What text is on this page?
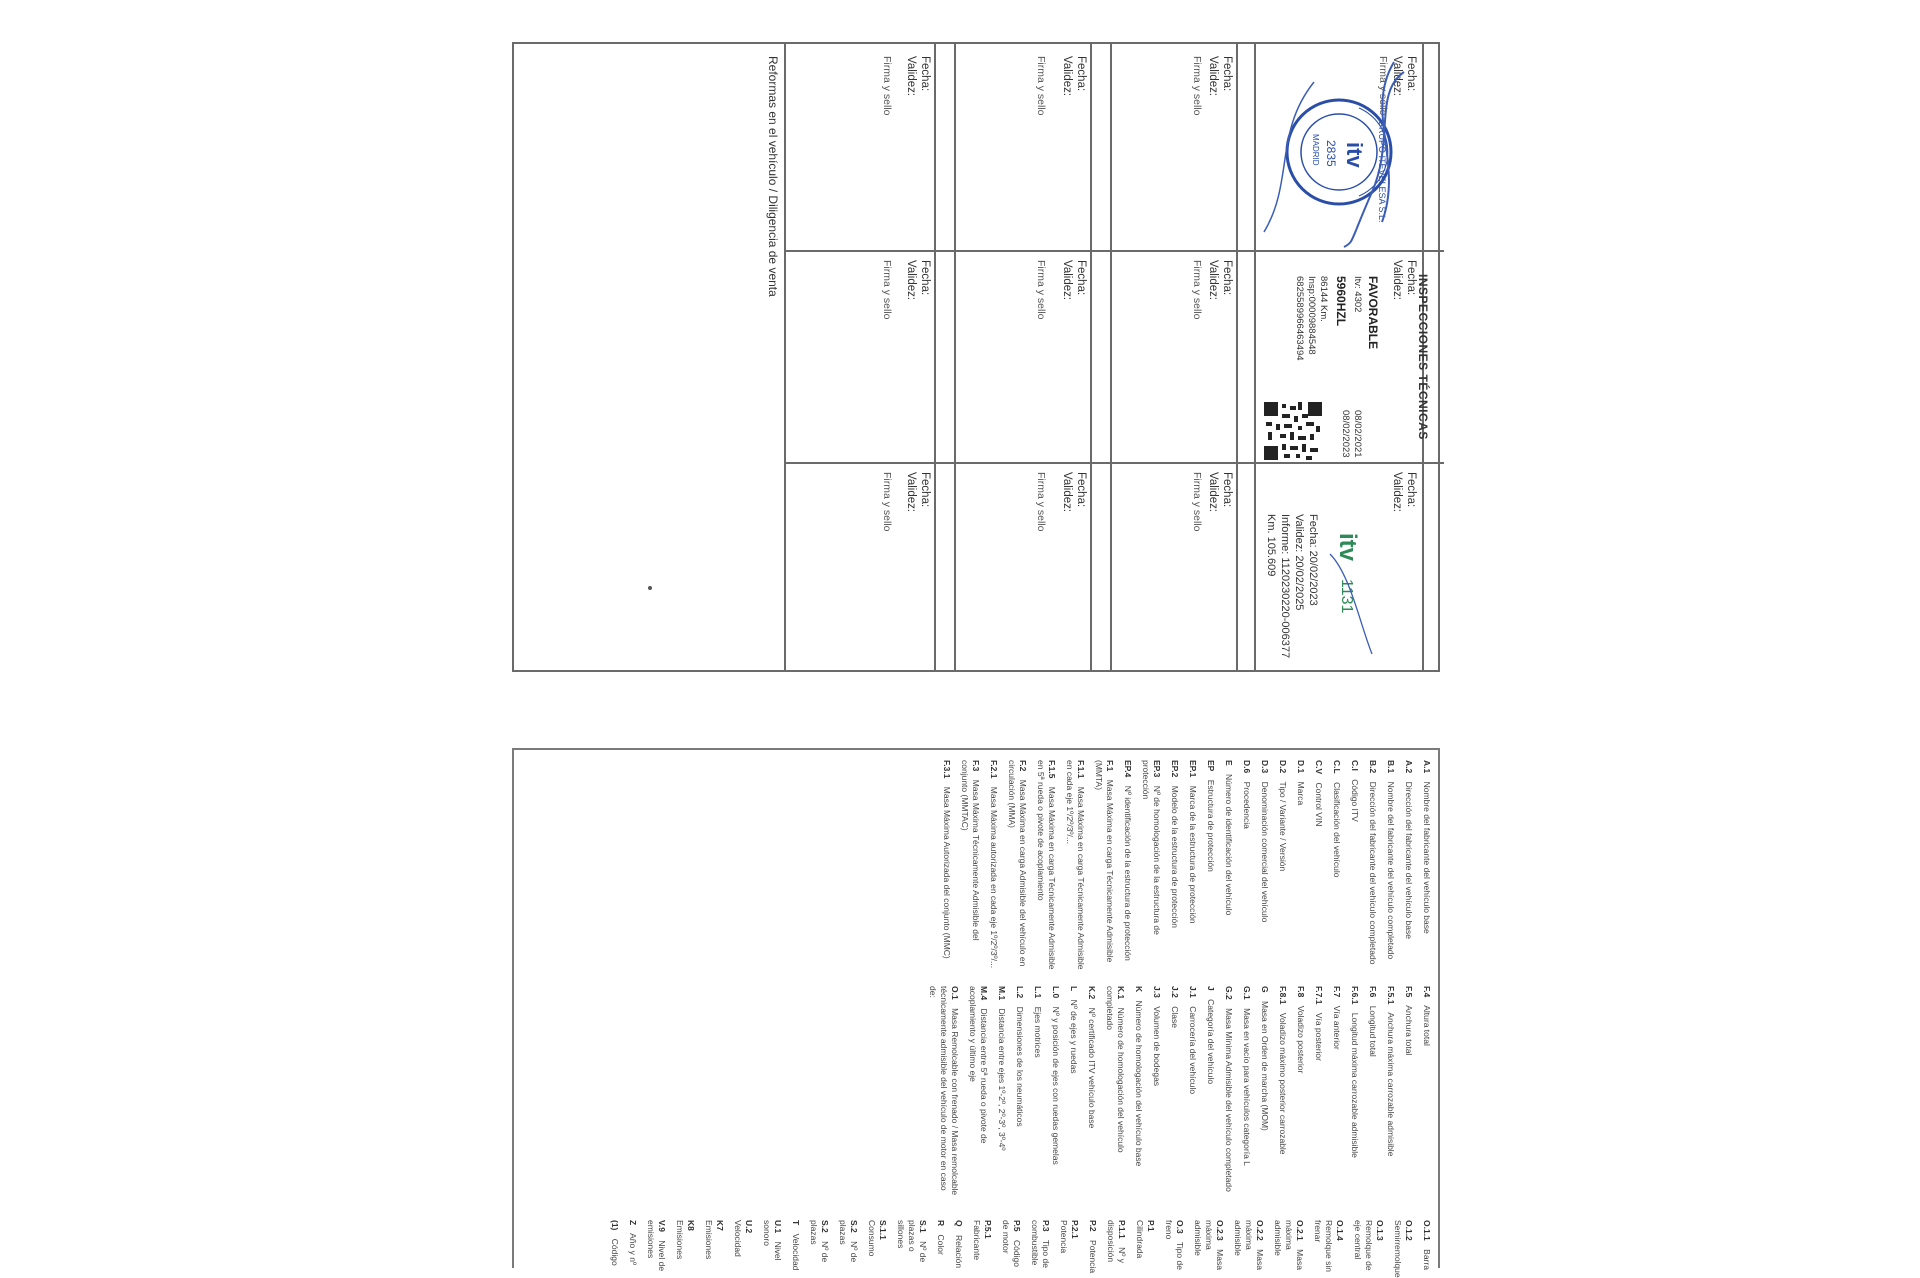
INSPECCIONES TÉCNICAS
Fecha:
Validez:
Firma y sello
Fecha:
Validez:
Fecha:
Validez:
Fecha:
Validez:
Firma y sello
Fecha:
Validez:
Firma y sello
Fecha:
Validez:
Firma y sello
Fecha:
Validez:
Firma y sello
Fecha:
Validez:
Firma y sello
Fecha:
Validez:
Firma y sello
Fecha:
Validez:
Firma y sello
Fecha:
Validez:
Firma y sello
Fecha:
Validez:
Firma y sello
Reformas en el vehículo / Diligencia de venta	itv
2835
MADRID	GRUPO ITEVELESA S.L.
FAVORABLE
Itv: 4302
5960HZL
86144 Km.
Insp:00009884548
6825589966463494
08/02/2021
08/02/2023
Fecha: 20/02/2023
Validez: 20/02/2025
Informe: 1120230220-006377
Km. 105.609 itv
1131
A.1 Nombre del fabricante del vehículo base
A.2 Dirección del fabricante del vehículo base
B.1 Nombre del fabricante del vehículo completado
B.2 Dirección del fabricante del vehículo completado
C.I Código ITV
C.L Clasificación del vehículo
C.V Control VIN
D.1 Marca
D.2 Tipo / Variante / Versión
D.3 Denominación comercial del vehículo
D.6 Procedencia
E Número de identificación del vehículo
EP Estructura de protección
EP.1 Marca de la estructura de protección
EP.2 Modelo de la estructura de protección
EP.3 Nº de homologación de la estructura de protección
EP.4 Nº identificación de la estructura de protección
F.1 Masa Máxima en carga Técnicamente Admisible (MMTA)
F.1.1 Masa Máxima en carga Técnicamente Admisible en cada eje 1º/2º/3º/...
F.1.5 Masa Máxima en carga Técnicamente Admisible en 5ª rueda o pivote de acoplamiento
F.2 Masa Máxima en carga Admisible del vehículo en circulación (MMA)
F.2.1 Masa Máxima autorizada en cada eje 1º/2º/3º/...
F.3 Masa Máxima Técnicamente Admisible del conjunto (MMTAC)
F.3.1 Masa Máxima Autorizada del conjunto (MMC)
F.4 Altura total
F.5 Anchura total
F.5.1 Anchura máxima carrozable admisible
F.6 Longitud total
F.6.1 Longitud máxima carrozable admisible
F.7 Vía anterior
F.7.1 Vía posterior
F.8 Voladizo posterior
F.8.1 Voladizo máximo posterior carrozable
G Masa en Orden de marcha (MOM)
G.1 Masa en vacío para vehículos categoría L
G.2 Masa Mínima Admisible del vehículo completado
J Categoría del vehículo
J.1 Carrocería del vehículo
J.2 Clase
J.3 Volumen de bodegas
K Número de homologación del vehículo base
K.1 Número de homologación del vehículo completado
K.2 Nº certificado ITV vehículo base
L Nº de ejes y ruedas
L.0 Nº y posición de ejes con ruedas gemelas
L.1 Ejes motrices
L.2 Dimensiones de los neumáticos
M.1 Distancia entre ejes 1º-2º, 2º-3º, 3º-4º
M.4 Distancia entre 5ª rueda o pivote de acoplamiento y último eje
O.1 Masa Remolcable con frenado / Masa remolcable técnicamente admisible del vehículo de motor en caso de:
O.1.1 Barra
O.1.2 Semirremolque
O.1.3 Remolque de eje central
O.1.4 Remolque sin frenar
O.2.1 Masa máxima admisible
O.2.2 Masa máxima admisible
O.2.3 Masa máxima admisible
O.3 Tipo de freno
P.1 Cilindrada
P.1.1 Nº y disposición
P.2 Potencia
P.2.1 Potencia
P.3 Tipo de combustible
P.5 Código de motor
P.5.1 Fabricante
Q Relación
R Color
S.1 Nº de plazas o sillones
S.1.1 Consumo
S.2 Nº de plazas
S.2 Nº de plazas
T Velocidad
U.1 Nivel sonoro
U.2 Velocidad
K7 Emisiones
K8 Emisiones
V.9 Nivel de emisiones
Z Año y nº
(1) Código
